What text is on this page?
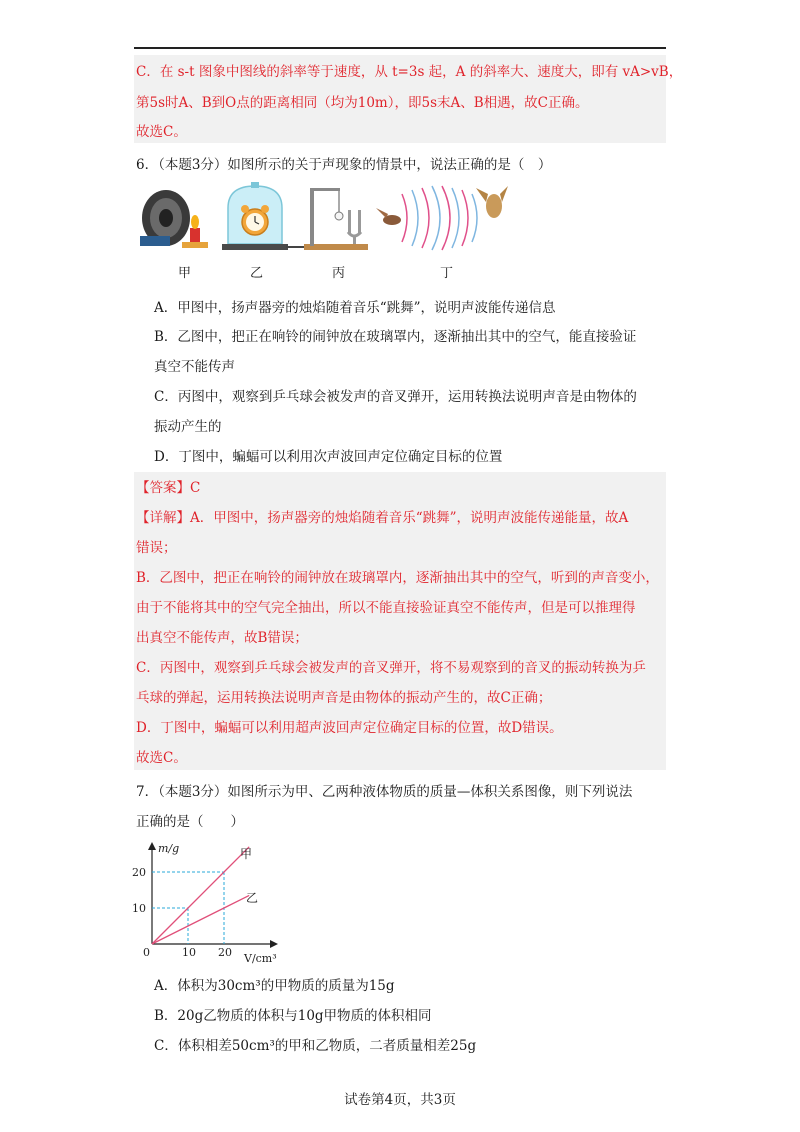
C．在 s-t 图象中图线的斜率等于速度，从 t=3s 起，A 的斜率大、速度大，即有 vA>vB，
第5s时A、B到O点的距离相同（均为10m），即5s末A、B相遇，故C正确。
故选C。
6．（本题3分）如图所示的关于声现象的情景中，说法正确的是（　）
甲	乙	丙	丁
A．甲图中，扬声器旁的烛焰随着音乐“跳舞”，说明声波能传递信息
B．乙图中，把正在响铃的闹钟放在玻璃罩内，逐渐抽出其中的空气，能直接验证
真空不能传声
C．丙图中，观察到乒乓球会被发声的音叉弹开，运用转换法说明声音是由物体的
振动产生的
D．丁图中，蝙蝠可以利用次声波回声定位确定目标的位置
【答案】C
【详解】A．甲图中，扬声器旁的烛焰随着音乐“跳舞”，说明声波能传递能量，故A
错误；
B．乙图中，把正在响铃的闹钟放在玻璃罩内，逐渐抽出其中的空气，听到的声音变小，
由于不能将其中的空气完全抽出，所以不能直接验证真空不能传声，但是可以推理得
出真空不能传声，故B错误；
C．丙图中，观察到乒乓球会被发声的音叉弹开，将不易观察到的音叉的振动转换为乒
乓球的弹起，运用转换法说明声音是由物体的振动产生的，故C正确；
D．丁图中，蝙蝠可以利用超声波回声定位确定目标的位置，故D错误。
故选C。
7．（本题3分）如图所示为甲、乙两种液体物质的质量—体积关系图像，则下列说法
正确的是（　　）
10 20
10
20
m/g
V/cm³
0
甲
乙
A．体积为30cm³的甲物质的质量为15g
B．20g乙物质的体积与10g甲物质的体积相同
C．体积相差50cm³的甲和乙物质，二者质量相差25g
试卷第4页，共3页
